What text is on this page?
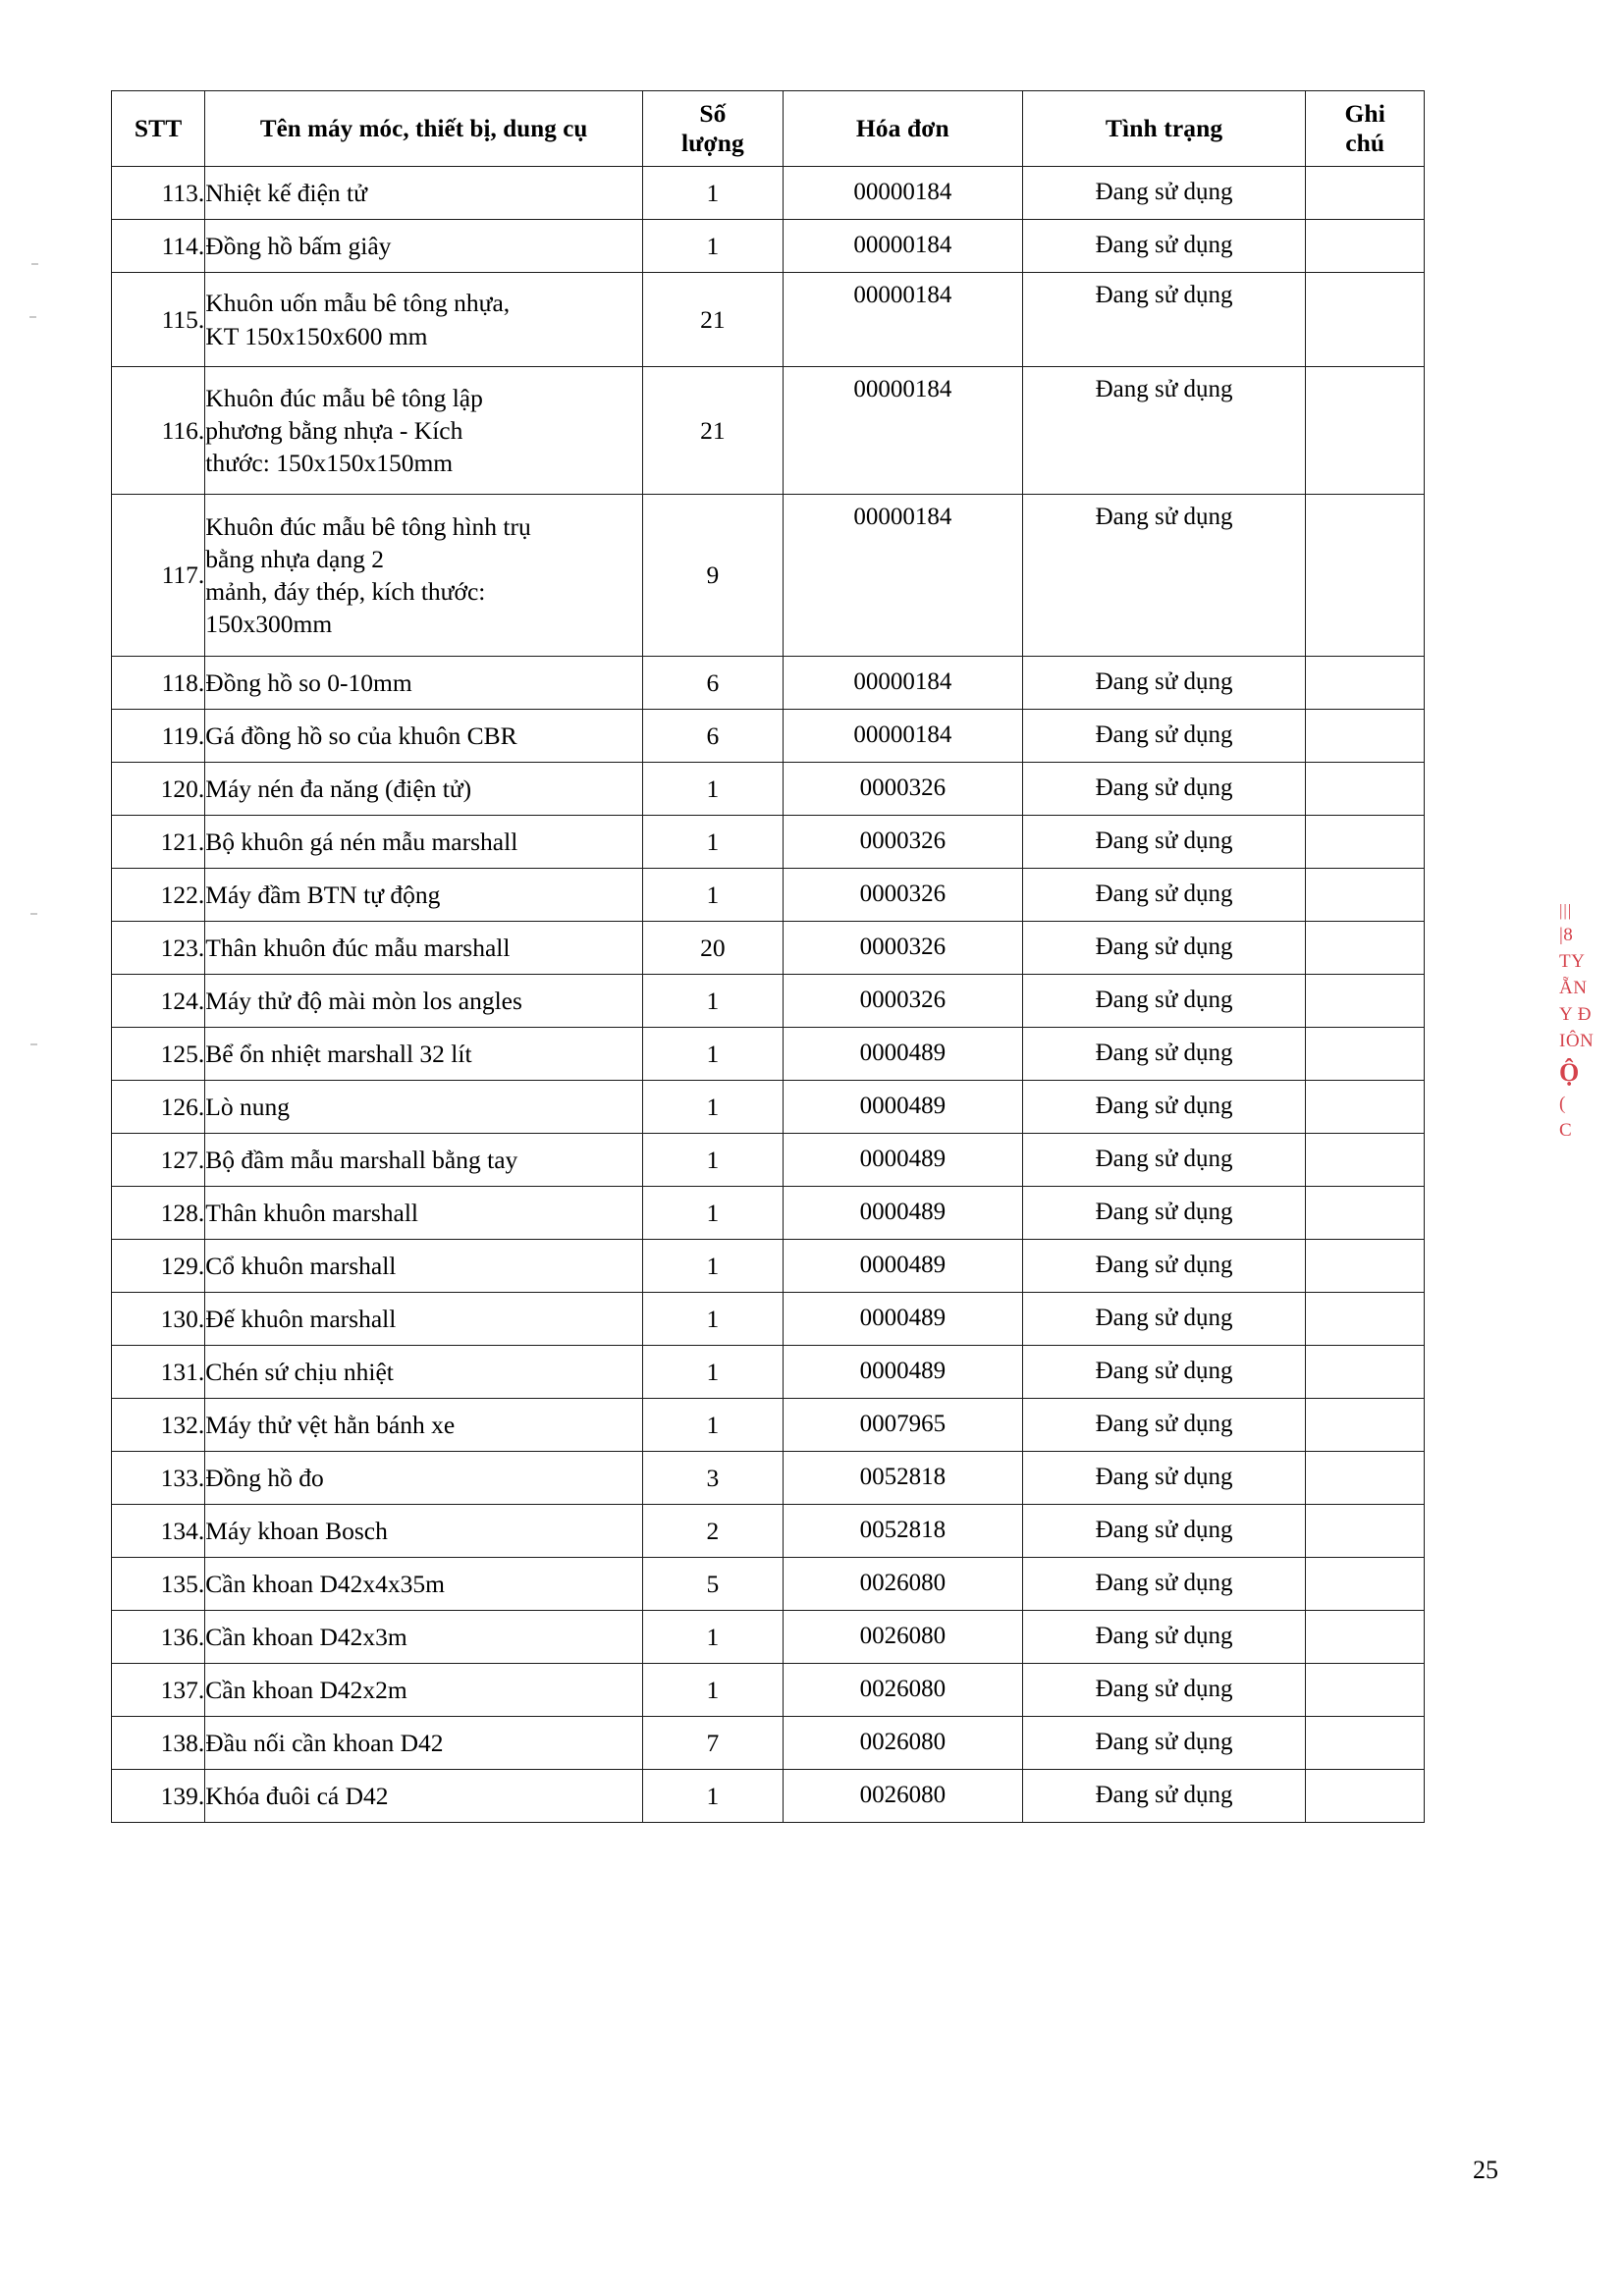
STT	Tên máy móc, thiết bị, dung cụ	Số
lượng	Hóa đơn	Tình trạng	Ghi
chú
113.	Nhiệt kế điện tử	1	00000184	Đang sử dụng	
114.	Đồng hồ bấm giây	1	00000184	Đang sử dụng	
115.	Khuôn uốn mẫu bê tông nhựa,
KT 150x150x600 mm	21	00000184	Đang sử dụng	
116.	Khuôn đúc mẫu bê tông lập
phương bằng nhựa - Kích
thước: 150x150x150mm	21	00000184	Đang sử dụng	
117.	Khuôn đúc mẫu bê tông hình trụ
bằng nhựa dạng 2
mảnh, đáy thép, kích thước:
150x300mm	9	00000184	Đang sử dụng	
118.	Đồng hồ so 0-10mm	6	00000184	Đang sử dụng	
119.	Gá đồng hồ so của khuôn CBR	6	00000184	Đang sử dụng	
120.	Máy nén đa năng (điện tử)	1	0000326	Đang sử dụng	
121.	Bộ khuôn gá nén mẫu marshall	1	0000326	Đang sử dụng	
122.	Máy đầm BTN tự động	1	0000326	Đang sử dụng	
123.	Thân khuôn đúc mẫu marshall	20	0000326	Đang sử dụng	
124.	Máy thử độ mài mòn los angles	1	0000326	Đang sử dụng	
125.	Bể ổn nhiệt marshall 32 lít	1	0000489	Đang sử dụng	
126.	Lò nung	1	0000489	Đang sử dụng	
127.	Bộ đầm mẫu marshall bằng tay	1	0000489	Đang sử dụng	
128.	Thân khuôn marshall	1	0000489	Đang sử dụng	
129.	Cổ khuôn marshall	1	0000489	Đang sử dụng	
130.	Đế khuôn marshall	1	0000489	Đang sử dụng	
131.	Chén sứ chịu nhiệt	1	0000489	Đang sử dụng	
132.	Máy thử vệt hằn bánh xe	1	0007965	Đang sử dụng	
133.	Đồng hồ đo	3	0052818	Đang sử dụng	
134.	Máy khoan Bosch	2	0052818	Đang sử dụng	
135.	Cần khoan D42x4x35m	5	0026080	Đang sử dụng	
136.	Cần khoan D42x3m	1	0026080	Đang sử dụng	
137.	Cần khoan D42x2m	1	0026080	Đang sử dụng	
138.	Đầu nối cần khoan D42	7	0026080	Đang sử dụng	
139.	Khóa đuôi cá D42	1	0026080	Đang sử dụng	
|||
|8
TY
ẴN
Y Đ
IÔN
Ộ
(
C
25
